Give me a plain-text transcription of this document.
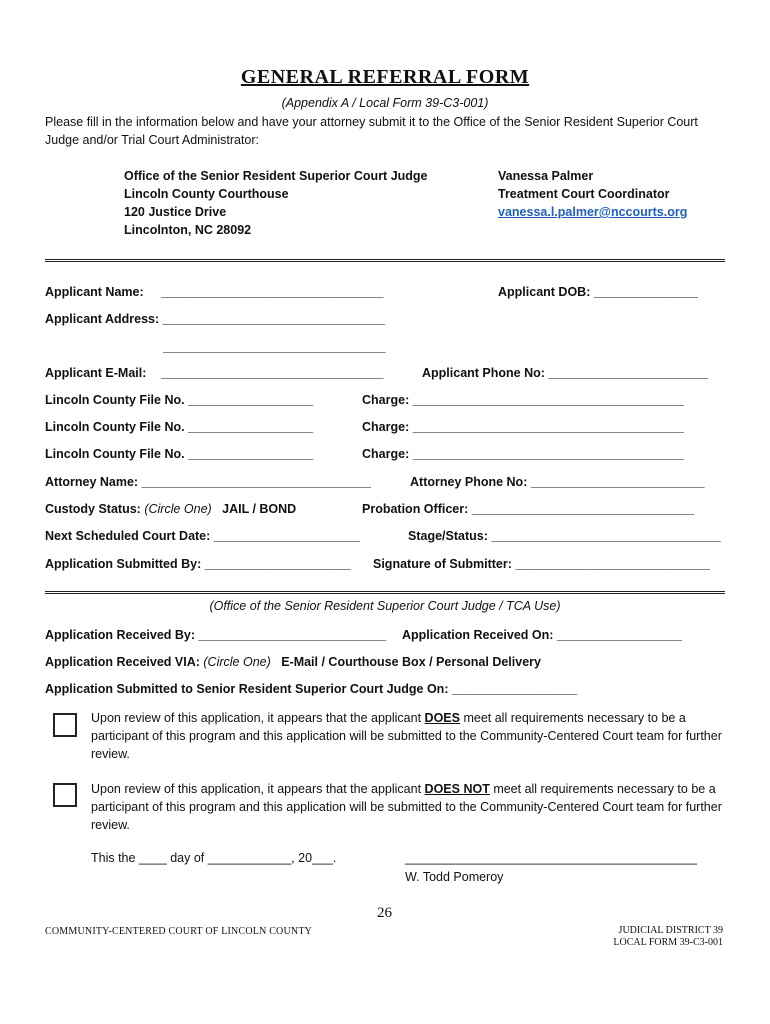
GENERAL REFERRAL FORM
(Appendix A / Local Form 39-C3-001)
Please fill in the information below and have your attorney submit it to the Office of the Senior Resident Superior Court Judge and/or Trial Court Administrator:
Office of the Senior Resident Superior Court Judge
Lincoln County Courthouse
120 Justice Drive
Lincolnton, NC 28092
Vanessa Palmer
Treatment Court Coordinator
vanessa.l.palmer@nccourts.org
Applicant Name: ________________________________	Applicant DOB: _______________
Applicant Address: ________________________________
________________________________
Applicant E-Mail: ________________________________	Applicant Phone No: _______________________
Lincoln County File No. __________________	Charge: _______________________________________
Lincoln County File No. __________________	Charge: _______________________________________
Lincoln County File No. __________________	Charge: _______________________________________
Attorney Name: _________________________________	Attorney Phone No: _________________________
Custody Status: (Circle One) JAIL / BOND	Probation Officer: ________________________________
Next Scheduled Court Date: _____________________	Stage/Status: _________________________________
Application Submitted By: _____________________ Signature of Submitter: ____________________________
(Office of the Senior Resident Superior Court Judge / TCA Use)
Application Received By: ___________________________ Application Received On: __________________
Application Received VIA: (Circle One) E-Mail / Courthouse Box / Personal Delivery
Application Submitted to Senior Resident Superior Court Judge On: __________________
Upon review of this application, it appears that the applicant DOES meet all requirements necessary to be a participant of this program and this application will be submitted to the Community-Centered Court team for further review.
Upon review of this application, it appears that the applicant DOES NOT meet all requirements necessary to be a participant of this program and this application will be submitted to the Community-Centered Court team for further review.
This the ____ day of ____________, 20___.	__________________________________________
W. Todd Pomeroy
26
COMMUNITY-CENTERED COURT OF LINCOLN COUNTY	JUDICIAL DISTRICT 39
LOCAL FORM 39-C3-001
